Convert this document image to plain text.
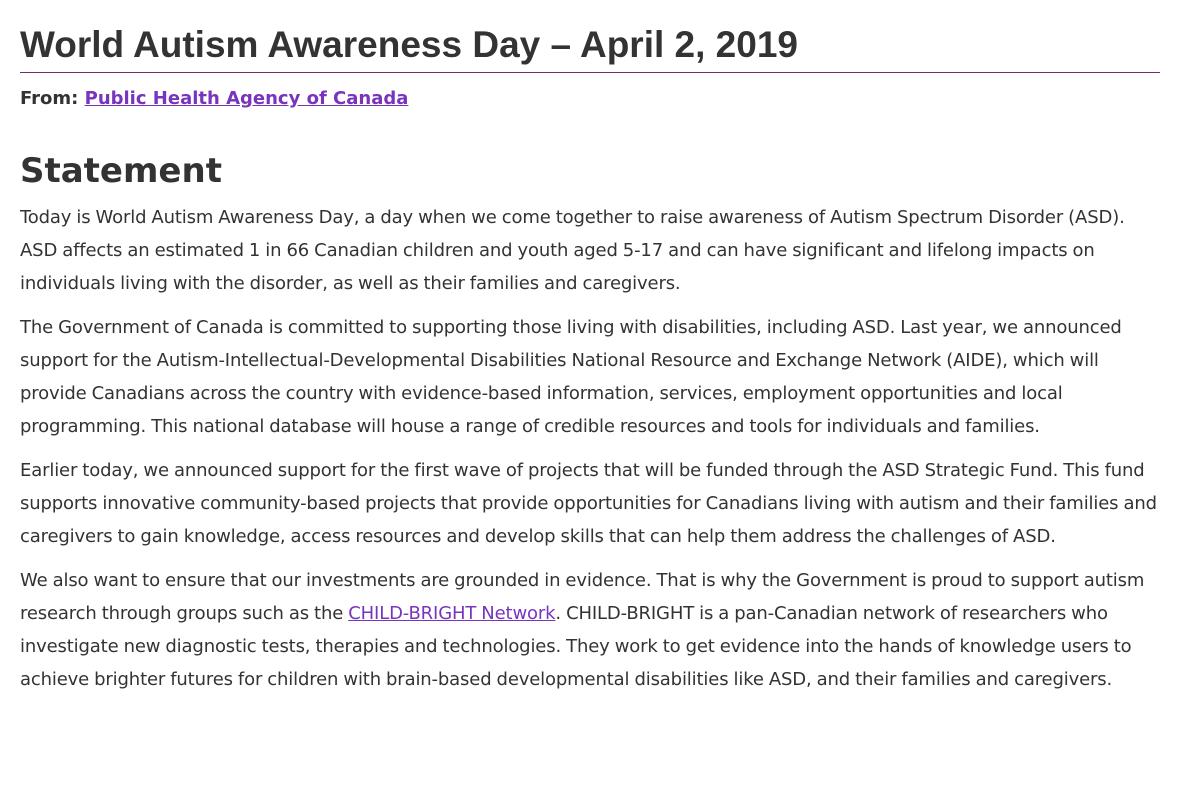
World Autism Awareness Day – April 2, 2019
From: Public Health Agency of Canada
Statement

Today is World Autism Awareness Day, a day when we come together to raise awareness of Autism Spectrum Disorder (ASD). ASD affects an estimated 1 in 66 Canadian children and youth aged 5-17 and can have significant and lifelong impacts on individuals living with the disorder, as well as their families and caregivers.

The Government of Canada is committed to supporting those living with disabilities, including ASD. Last year, we announced support for the Autism-Intellectual-Developmental Disabilities National Resource and Exchange Network (AIDE), which will provide Canadians across the country with evidence-based information, services, employment opportunities and local programming. This national database will house a range of credible resources and tools for individuals and families.

Earlier today, we announced support for the first wave of projects that will be funded through the ASD Strategic Fund. This fund supports innovative community-based projects that provide opportunities for Canadians living with autism and their families and caregivers to gain knowledge, access resources and develop skills that can help them address the challenges of ASD.

We also want to ensure that our investments are grounded in evidence. That is why the Government is proud to support autism research through groups such as the CHILD-BRIGHT Network. CHILD-BRIGHT is a pan-Canadian network of researchers who investigate new diagnostic tests, therapies and technologies. They work to get evidence into the hands of knowledge users to achieve brighter futures for children with brain-based developmental disabilities like ASD, and their families and caregivers.
